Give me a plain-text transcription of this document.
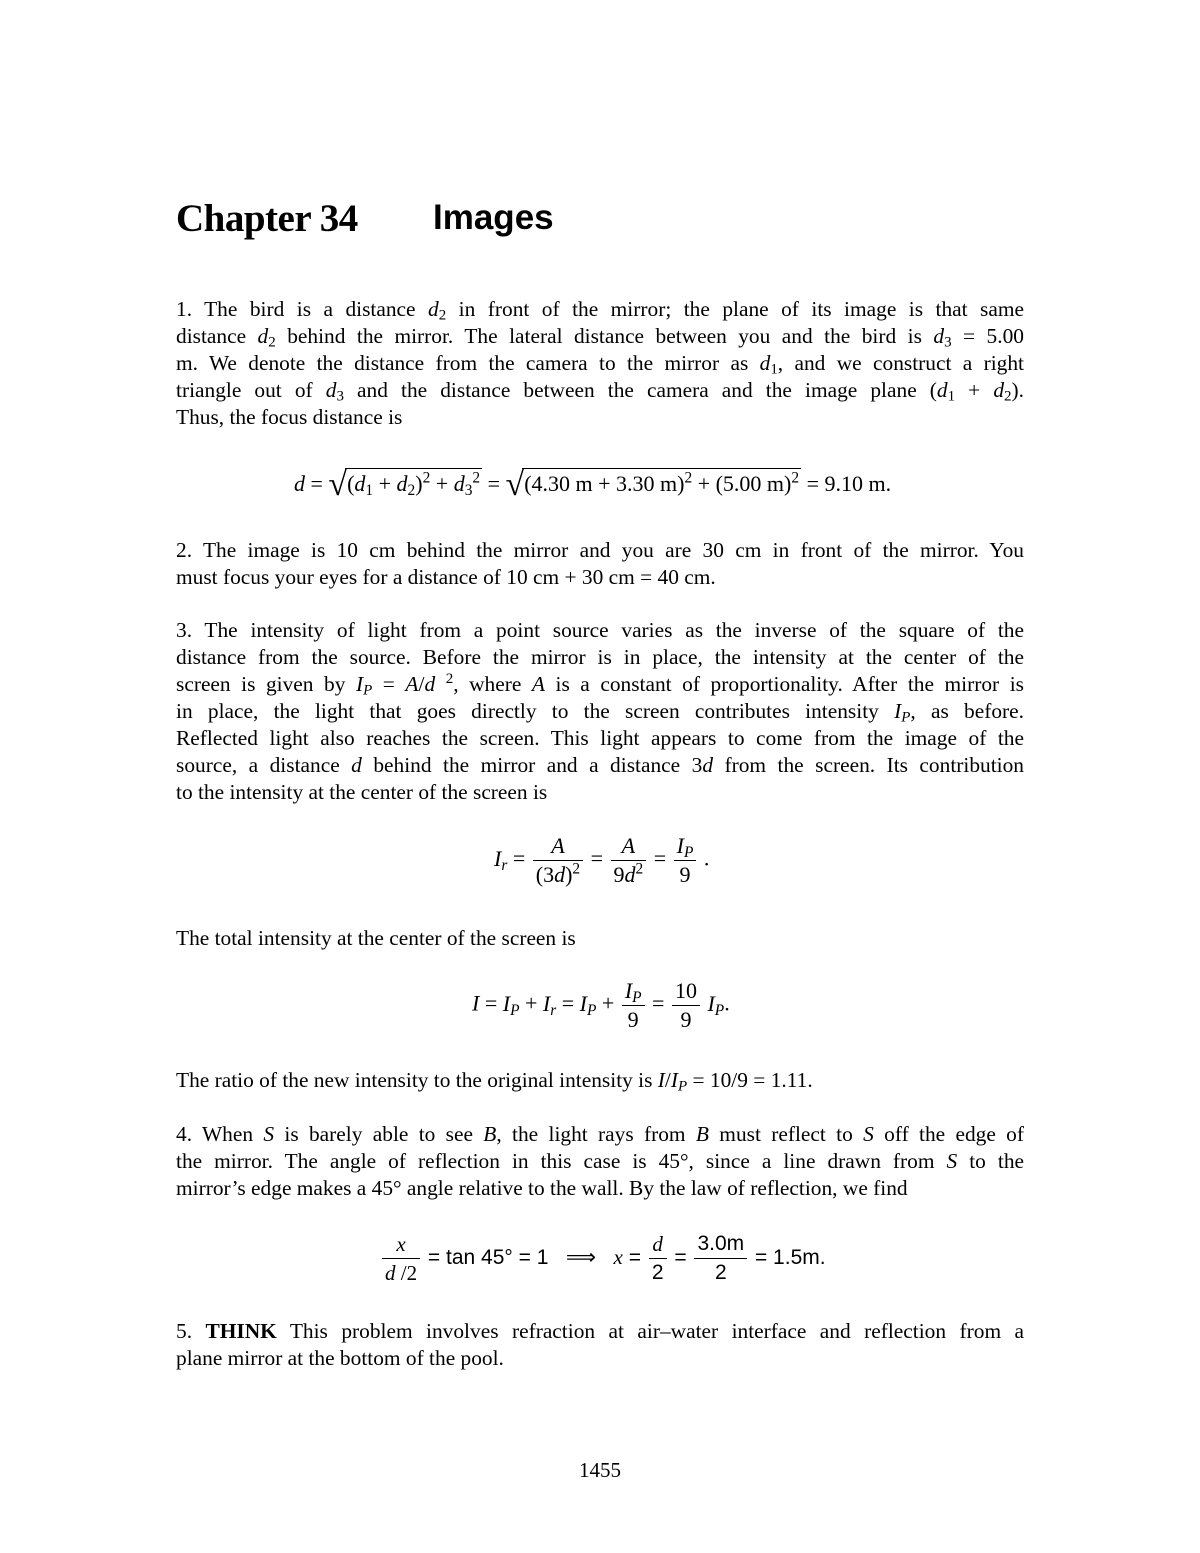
Chapter 34 Images
1. The bird is a distance $d_2$ in front of the mirror; the plane of its image is that same
distance $d_2$ behind the mirror. The lateral distance between you and the bird is $d_3 = 5.00$
m. We denote the distance from the camera to the mirror as $d_1$, and we construct a right
triangle out of $d_3$ and the distance between the camera and the image plane $(d_1 + d_2)$.
Thus, the focus distance is
$d = √(d_1 + d_2)^2 + d_3^2 = √(4.30$ m + 3.30 m)$^2$ + (5.00 m)$^2$ = 9.10 m.
2. The image is 10 cm behind the mirror and you are 30 cm in front of the mirror. You
must focus your eyes for a distance of 10 cm + 30 cm = 40 cm.
3. The intensity of light from a point source varies as the inverse of the square of the
distance from the source. Before the mirror is in place, the intensity at the center of the
screen is given by $I_P = A/d$ $^2$, where A is a constant of proportionality. After the mirror is
in place, the light that goes directly to the screen contributes intensity $I_P$, as before.
Reflected light also reaches the screen. This light appears to come from the image of the
source, a distance d behind the mirror and a distance 3d from the screen. Its contribution
to the intensity at the center of the screen is
$I_r = \frac{A}{(3d)^2} = \frac{A}{9d^2} = \frac{I_P}{9}$ .
The total intensity at the center of the screen is
$I = I_P + I_r = I_P + \frac{I_P}{9} = \frac{10}{9} I_P$.
The ratio of the new intensity to the original intensity is $I/I_P = 10/9 = 1.11$.
4. When S is barely able to see B, the light rays from B must reflect to S off the edge of
the mirror. The angle of reflection in this case is 45°, since a line drawn from S to the
mirror’s edge makes a 45° angle relative to the wall. By the law of reflection, we find
$\frac{x}{d /2} = \tan 45^\circ = 1$   ⟹   $x = \frac{d}{2} = \frac{3.0m}{2} = 1.5m$.
5. THINK This problem involves refraction at air–water interface and reflection from a
plane mirror at the bottom of the pool.
1455
